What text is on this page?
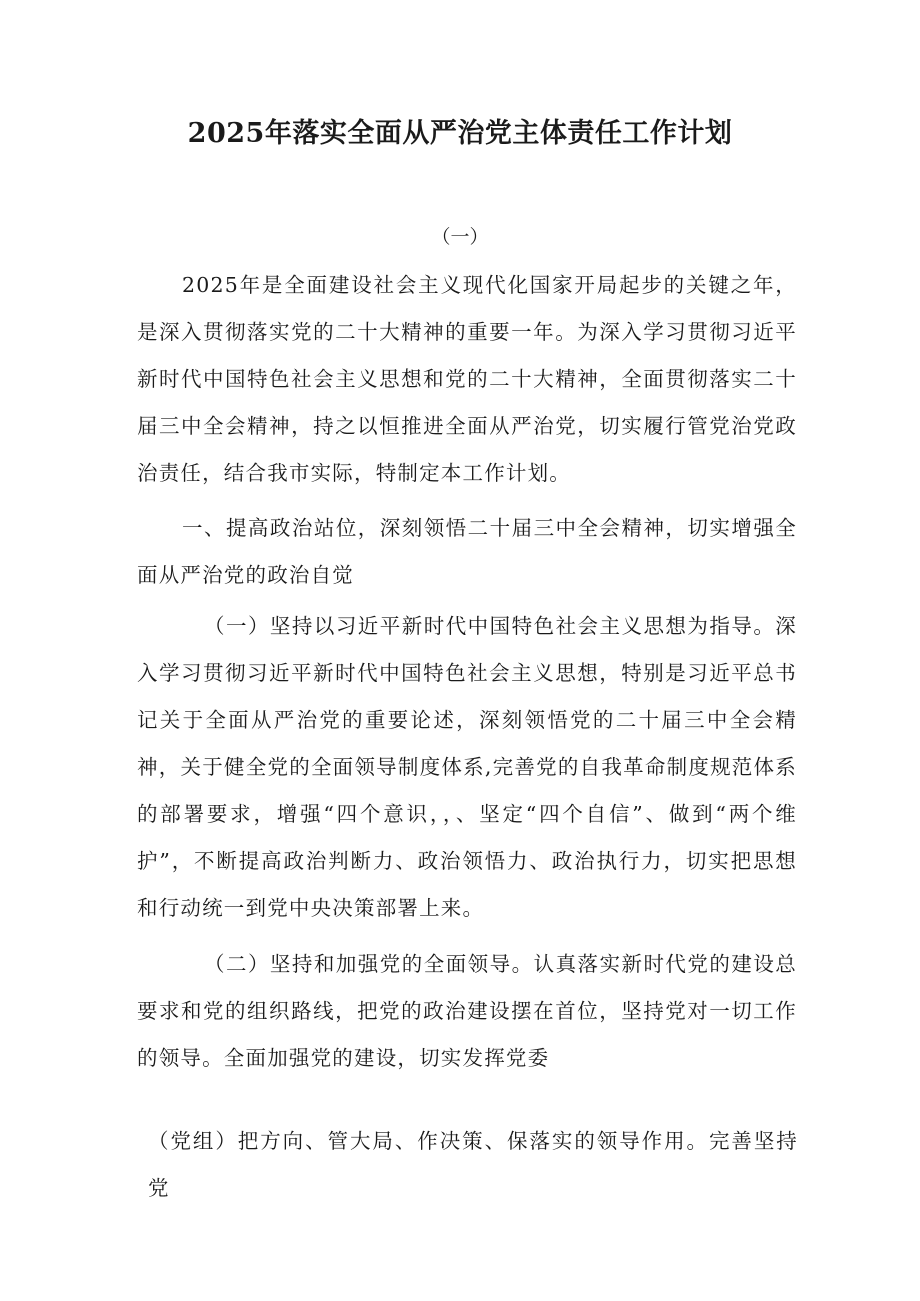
2025年落实全面从严治党主体责任工作计划
（一）

2025年是全面建设社会主义现代化国家开局起步的关键之年，是深入贯彻落实党的二十大精神的重要一年。为深入学习贯彻习近平新时代中国特色社会主义思想和党的二十大精神，全面贯彻落实二十届三中全会精神，持之以恒推进全面从严治党，切实履行管党治党政治责任，结合我市实际，特制定本工作计划。

一、提高政治站位，深刻领悟二十届三中全会精神，切实增强全面从严治党的政治自觉

（一）坚持以习近平新时代中国特色社会主义思想为指导。深入学习贯彻习近平新时代中国特色社会主义思想，特别是习近平总书记关于全面从严治党的重要论述，深刻领悟党的二十届三中全会精神，关于健全党的全面领导制度体系,完善党的自我革命制度规范体系的部署要求，增强“四个意识，，、坚定“四个自信”、做到“两个维护”，不断提高政治判断力、政治领悟力、政治执行力，切实把思想和行动统一到党中央决策部署上来。

（二）坚持和加强党的全面领导。认真落实新时代党的建设总要求和党的组织路线，把党的政治建设摆在首位，坚持党对一切工作的领导。全面加强党的建设，切实发挥党委

（党组）把方向、管大局、作决策、保落实的领导作用。完善坚持党
